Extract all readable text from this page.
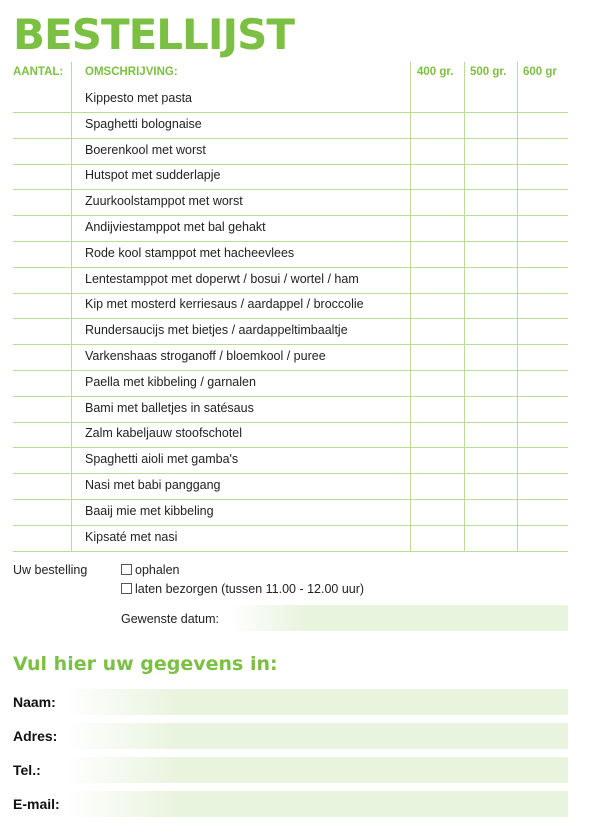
BESTELLIJST
AANTAL: OMSCHRIJVING:	400 gr. 500 gr. 600 gr
Kippesto met pasta
Spaghetti bolognaise
Boerenkool met worst
Hutspot met sudderlapje
Zuurkoolstamppot met worst
Andijviestamppot met bal gehakt
Rode kool stamppot met hacheevlees
Lentestamppot met doperwt / bosui / wortel / ham
Kip met mosterd kerriesaus / aardappel / broccolie
Rundersaucijs met bietjes / aardappeltimbaaltje
Varkenshaas stroganoff / bloemkool / puree
Paella met kibbeling / garnalen
Bami met balletjes in satésaus
Zalm kabeljauw stoofschotel
Spaghetti aioli met gamba's
Nasi met babi panggang
Baaij mie met kibbeling
Kipsaté met nasi
Uw bestelling	ophalen
laten bezorgen (tussen 11.00 - 12.00 uur)
Gewenste datum:
Vul hier uw gegevens in:
Naam:
Adres:
Tel.:
E-mail:
